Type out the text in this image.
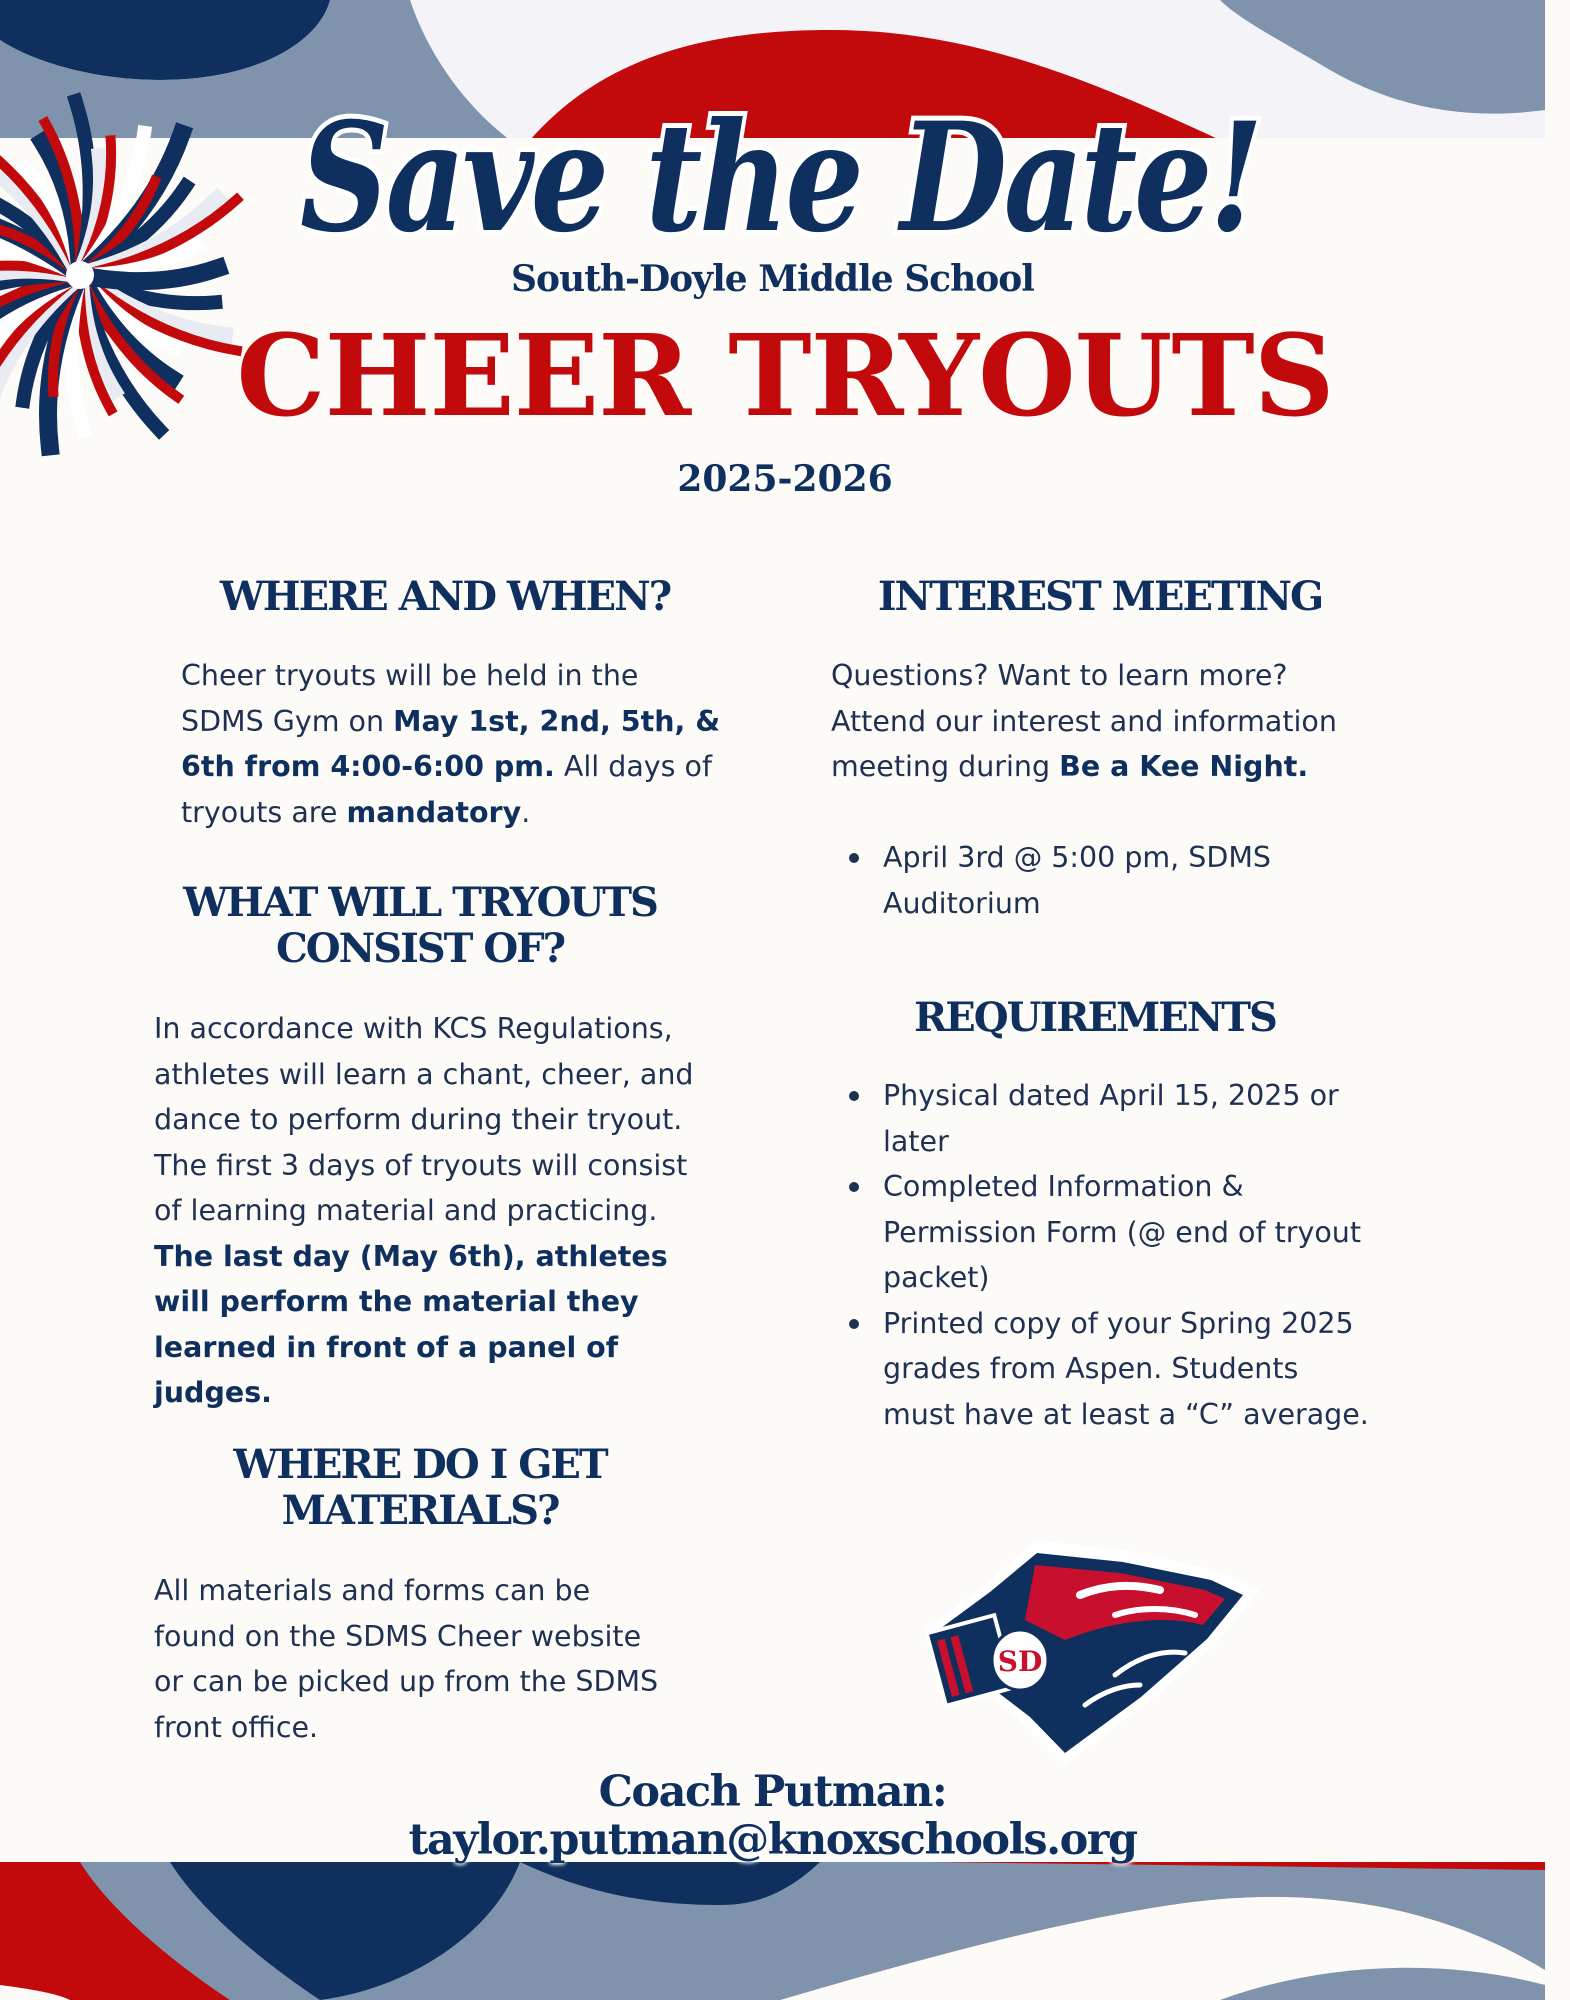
Save the Date!
South-Doyle Middle School
CHEER TRYOUTS
2025-2026
WHERE AND WHEN?
Cheer tryouts will be held in the SDMS Gym on May 1st, 2nd, 5th, & 6th from 4:00-6:00 pm. All days of tryouts are mandatory.
WHAT WILL TRYOUTS
CONSIST OF?
In accordance with KCS Regulations, athletes will learn a chant, cheer, and dance to perform during their tryout. The first 3 days of tryouts will consist of learning material and practicing. The last day (May 6th), athletes will perform the material they learned in front of a panel of judges.
WHERE DO I GET
MATERIALS?
All materials and forms can be found on the SDMS Cheer website or can be picked up from the SDMS front office.
INTEREST MEETING
Questions? Want to learn more? Attend our interest and information meeting during Be a Kee Night.
April 3rd @ 5:00 pm, SDMS Auditorium
REQUIREMENTS
Physical dated April 15, 2025 or later
Completed Information & Permission Form (@ end of tryout packet)
Printed copy of your Spring 2025 grades from Aspen. Students must have at least a “C” average.
SD
Coach Putman:
taylor.putman@knoxschools.org
